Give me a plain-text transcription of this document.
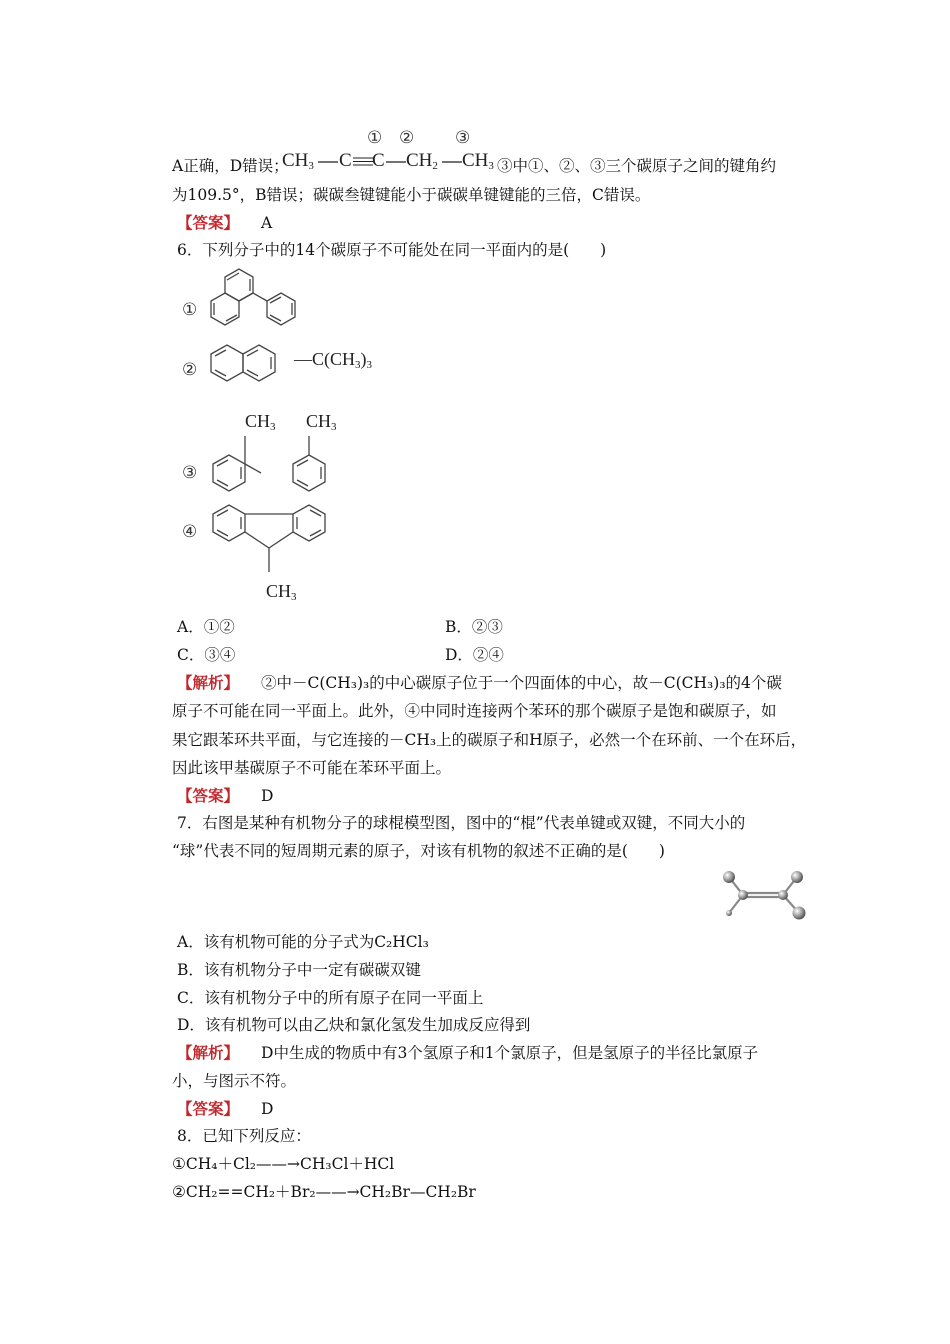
A正确，D错误；
① ② ③
$CH_3$ C C $CH_2$ $CH_3$ ③中①、②、③三个碳原子之间的键角约
为109.5°，B错误；碳碳叁键键能小于碳碳单键键能的三倍，C错误。
【答案】 A
6．下列分子中的14个碳原子不可能处在同一平面内的是(　　)
①
②
$—C(CH_3)_3$
$CH_3$ $CH_3$
③
④
$CH_3$
A．①②	B．②③
C．③④	D．②④
【解析】 ②中－C(CH₃)₃的中心碳原子位于一个四面体的中心，故－C(CH₃)₃的4个碳
原子不可能在同一平面上。此外，④中同时连接两个苯环的那个碳原子是饱和碳原子，如
果它跟苯环共平面，与它连接的－CH₃上的碳原子和H原子，必然一个在环前、一个在环后，
因此该甲基碳原子不可能在苯环平面上。
【答案】 D
7．右图是某种有机物分子的球棍模型图，图中的“棍”代表单键或双键，不同大小的
“球”代表不同的短周期元素的原子，对该有机物的叙述不正确的是(　　)
A．该有机物可能的分子式为C₂HCl₃
B．该有机物分子中一定有碳碳双键
C．该有机物分子中的所有原子在同一平面上
D．该有机物可以由乙炔和氯化氢发生加成反应得到
【解析】 D中生成的物质中有3个氢原子和1个氯原子，但是氢原子的半径比氯原子
小，与图示不符。
【答案】 D
8．已知下列反应：
①CH₄＋Cl₂——→CH₃Cl＋HCl
②CH₂==CH₂＋Br₂——→CH₂Br—CH₂Br
